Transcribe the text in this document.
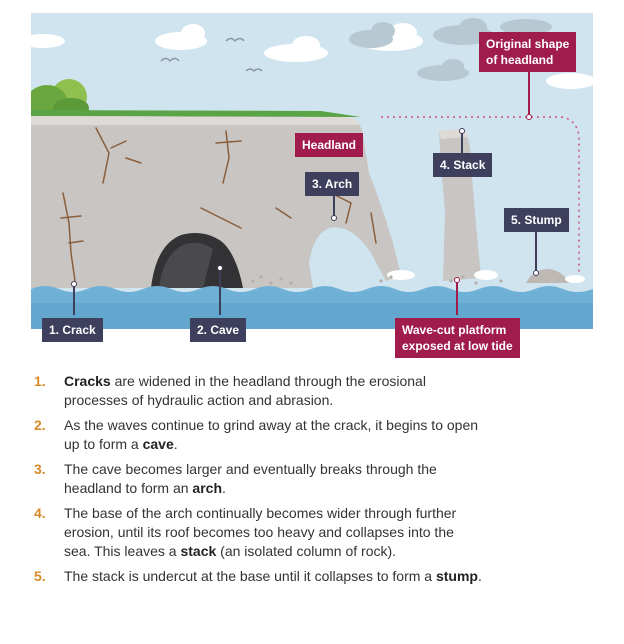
1. Crack	2. Cave
3. Arch
4. Stack
5. Stump
Headland
Original shape
of headland
Wave-cut platform
exposed at low tide
1.	Cracks are widened in the headland through the erosional processes of hydraulic action and abrasion.
2.	As the waves continue to grind away at the crack, it begins to open up to form a cave.
3.	The cave becomes larger and eventually breaks through the headland to form an arch.
4.	The base of the arch continually becomes wider through further erosion, until its roof becomes too heavy and collapses into the sea. This leaves a stack (an isolated column of rock).
5.	The stack is undercut at the base until it collapses to form a stump.
